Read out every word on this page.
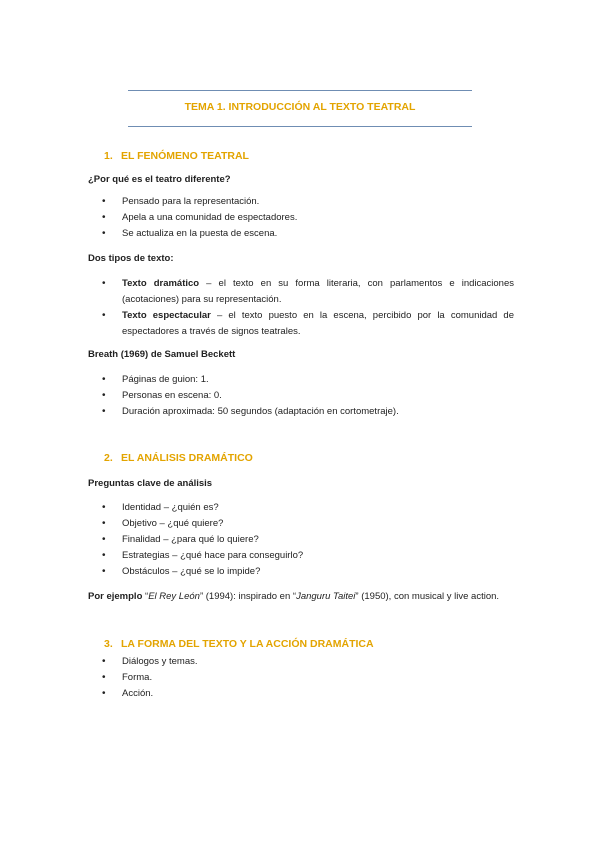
TEMA 1. INTRODUCCIÓN AL TEXTO TEATRAL
1. EL FENÓMENO TEATRAL
¿Por qué es el teatro diferente?
• Pensado para la representación.
• Apela a una comunidad de espectadores.
• Se actualiza en la puesta de escena.
Dos tipos de texto:
• Texto dramático – el texto en su forma literaria, con parlamentos e indicaciones (acotaciones) para su representación.
• Texto espectacular – el texto puesto en la escena, percibido por la comunidad de espectadores a través de signos teatrales.
Breath (1969) de Samuel Beckett
• Páginas de guion: 1.
• Personas en escena: 0.
• Duración aproximada: 50 segundos (adaptación en cortometraje).
2. EL ANÁLISIS DRAMÁTICO
Preguntas clave de análisis
• Identidad – ¿quién es?
• Objetivo – ¿qué quiere?
• Finalidad – ¿para qué lo quiere?
• Estrategias – ¿qué hace para conseguirlo?
• Obstáculos – ¿qué se lo impide?
Por ejemplo “El Rey León” (1994): inspirado en “Janguru Taitei” (1950), con musical y live action.
3. LA FORMA DEL TEXTO Y LA ACCIÓN DRAMÁTICA
• Diálogos y temas.
• Forma.
• Acción.
